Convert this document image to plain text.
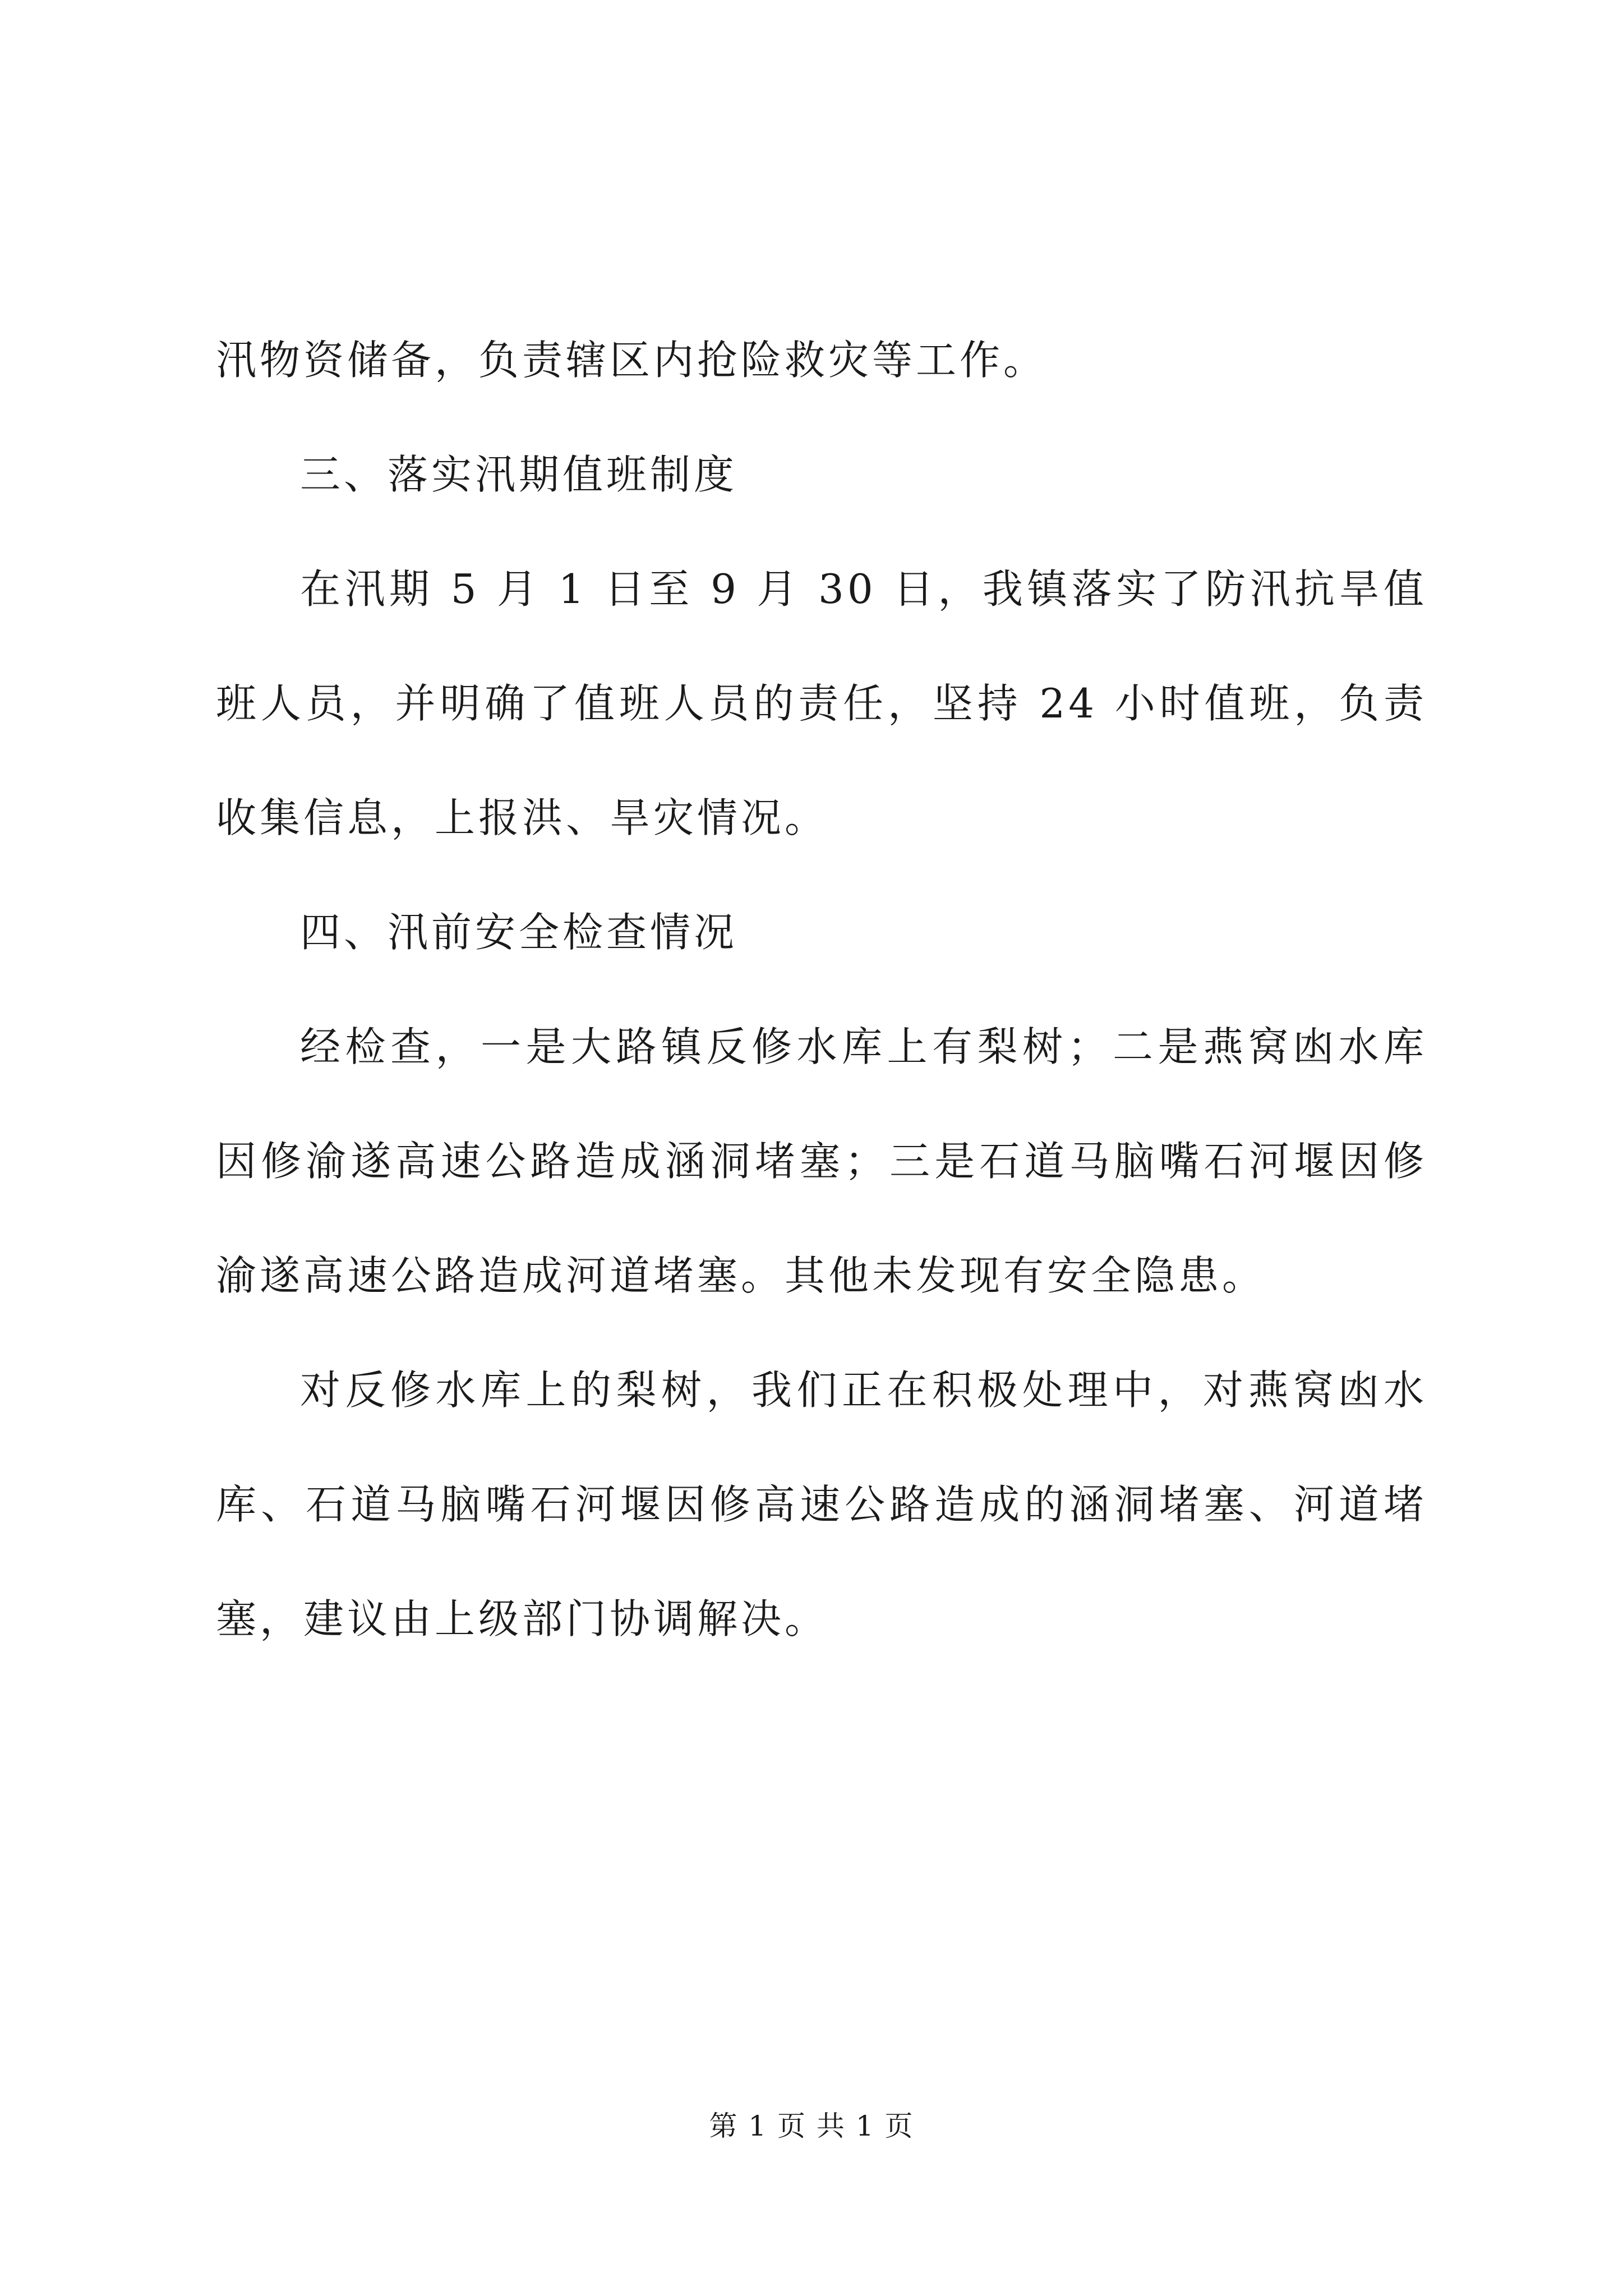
汛物资储备，负责辖区内抢险救灾等工作。

三、落实汛期值班制度

在汛期 5 月 1 日至 9 月 30 日，我镇落实了防汛抗旱值班人员，并明确了值班人员的责任，坚持 24 小时值班，负责收集信息，上报洪、旱灾情况。

四、汛前安全检查情况

经检查，一是大路镇反修水库上有梨树；二是燕窝凼水库因修渝遂高速公路造成涵洞堵塞；三是石道马脑嘴石河堰因修渝遂高速公路造成河道堵塞。其他未发现有安全隐患。

对反修水库上的梨树，我们正在积极处理中，对燕窝凼水库、石道马脑嘴石河堰因修高速公路造成的涵洞堵塞、河道堵塞，建议由上级部门协调解决。

第 1 页 共 1 页
